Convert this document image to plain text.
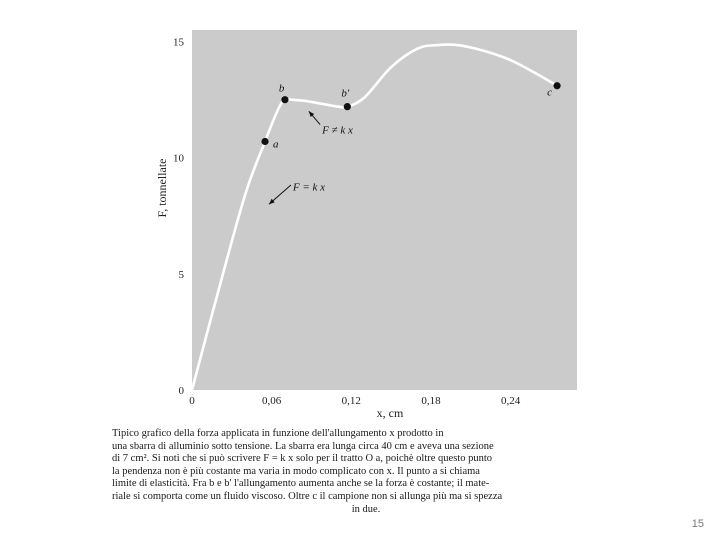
0	0,06	0,12	0,18	0,24
0
5
10
15
F = k x
F ≠ k x
a
b	b'	c
x, cm
F, tonnellate
Tipico grafico della forza applicata in funzione dell'allungamento x prodotto in
una sbarra di alluminio sotto tensione. La sbarra era lunga circa 40 cm e aveva una sezione
di 7 cm². Si noti che si può scrivere F = k x solo per il tratto O a, poichè oltre questo punto
la pendenza non è più costante ma varia in modo complicato con x. Il punto a si chiama
limite di elasticità. Fra b e b' l'allungamento aumenta anche se la forza è costante; il mate-
riale si comporta come un fluido viscoso. Oltre c il campione non si allunga più ma si spezza
in due.
15
